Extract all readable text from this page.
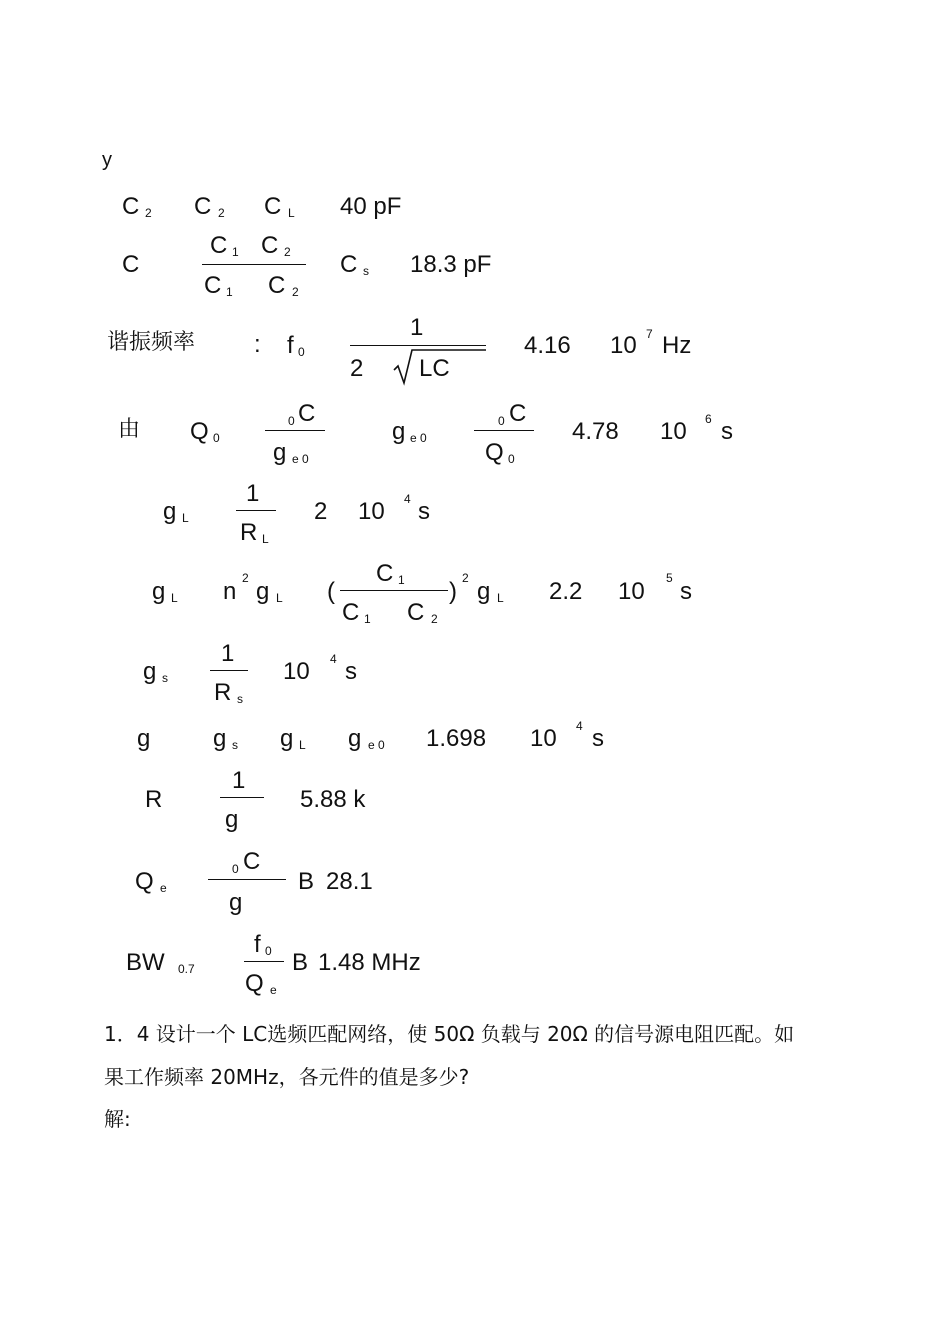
y
C 2 C 2 C L 40 pF
C
C 1 C 2
C 1 C 2
C s 18.3 pF
谐振频率 : f 0
1
2 LC
4.16 10 7 Hz
由 Q 0
0 C
g e 0
g e 0
0 C
Q 0
4.78 10 6 s
g L
1
R L
2 10 4 s
g L n 2 g L (
C 1
C 1 C 2
) 2 g L 2.2 10 5 s
g s
1
R s
10 4 s
g	g s g L g e 0 1.698 10 4 s
R
1
g
5.88 k
Q e
0 C
g
B 28.1
BW 0.7
f 0
Q e
B 1.48 MHz
1．4 设计一个 LC选频匹配网络，使 50Ω 负载与 20Ω 的信号源电阻匹配。如
果工作频率 20MHz，各元件的值是多少?
解:
